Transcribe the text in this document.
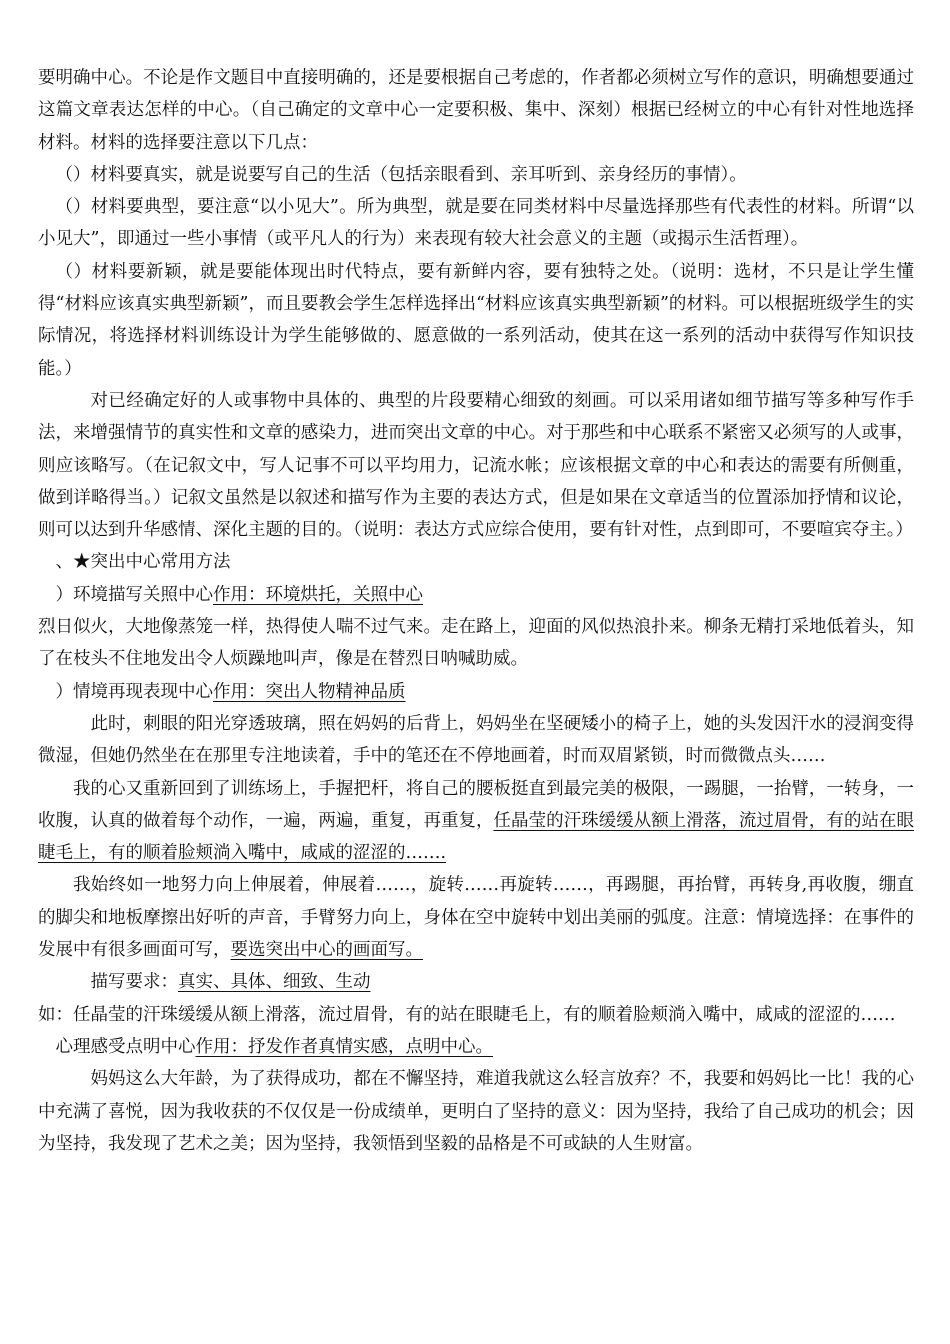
要明确中心。不论是作文题目中直接明确的，还是要根据自己考虑的，作者都必须树立写作的意识，明确想要通过这篇文章表达怎样的中心。（自己确定的文章中心一定要积极、集中、深刻）根据已经树立的中心有针对性地选择材料。材料的选择要注意以下几点：

（）材料要真实，就是说要写自己的生活（包括亲眼看到、亲耳听到、亲身经历的事情）。

（）材料要典型，要注意“以小见大”。所为典型，就是要在同类材料中尽量选择那些有代表性的材料。所谓“以小见大”，即通过一些小事情（或平凡人的行为）来表现有较大社会意义的主题（或揭示生活哲理）。

（）材料要新颖，就是要能体现出时代特点，要有新鲜内容，要有独特之处。（说明：选材，不只是让学生懂得“材料应该真实典型新颖”，而且要教会学生怎样选择出“材料应该真实典型新颖”的材料。可以根据班级学生的实际情况，将选择材料训练设计为学生能够做的、愿意做的一系列活动，使其在这一系列的活动中获得写作知识技能。）

对已经确定好的人或事物中具体的、典型的片段要精心细致的刻画。可以采用诸如细节描写等多种写作手法，来增强情节的真实性和文章的感染力，进而突出文章的中心。对于那些和中心联系不紧密又必须写的人或事，则应该略写。（在记叙文中，写人记事不可以平均用力，记流水帐；应该根据文章的中心和表达的需要有所侧重，做到详略得当。）记叙文虽然是以叙述和描写作为主要的表达方式，但是如果在文章适当的位置添加抒情和议论，则可以达到升华感情、深化主题的目的。（说明：表达方式应综合使用，要有针对性，点到即可，不要喧宾夺主。）

、★突出中心常用方法

）环境描写关照中心作用：环境烘托，关照中心

烈日似火，大地像蒸笼一样，热得使人喘不过气来。走在路上，迎面的风似热浪扑来。柳条无精打采地低着头，知了在枝头不住地发出令人烦躁地叫声，像是在替烈日呐喊助威。

）情境再现表现中心作用：突出人物精神品质

此时，刺眼的阳光穿透玻璃，照在妈妈的后背上，妈妈坐在坚硬矮小的椅子上，她的头发因汗水的浸润变得微湿，但她仍然坐在在那里专注地读着，手中的笔还在不停地画着，时而双眉紧锁，时而微微点头……

我的心又重新回到了训练场上，手握把杆，将自己的腰板挺直到最完美的极限，一踢腿，一抬臂，一转身，一收腹，认真的做着每个动作，一遍，两遍，重复，再重复，任晶莹的汗珠缓缓从额上滑落，流过眉骨，有的站在眼睫毛上，有的顺着脸颊淌入嘴中，咸咸的涩涩的…….

我始终如一地努力向上伸展着，伸展着……，旋转……再旋转……，再踢腿，再抬臂，再转身,再收腹，绷直的脚尖和地板摩擦出好听的声音，手臂努力向上，身体在空中旋转中划出美丽的弧度。注意：情境选择：在事件的发展中有很多画面可写，要选突出中心的画面写。

描写要求：真实、具体、细致、生动

如：任晶莹的汗珠缓缓从额上滑落，流过眉骨，有的站在眼睫毛上，有的顺着脸颊淌入嘴中，咸咸的涩涩的……

心理感受点明中心作用：抒发作者真情实感，点明中心。

妈妈这么大年龄，为了获得成功，都在不懈坚持，难道我就这么轻言放弃？不，我要和妈妈比一比！我的心中充满了喜悦，因为我收获的不仅仅是一份成绩单，更明白了坚持的意义：因为坚持，我给了自己成功的机会；因为坚持，我发现了艺术之美；因为坚持，我领悟到坚毅的品格是不可或缺的人生财富。
